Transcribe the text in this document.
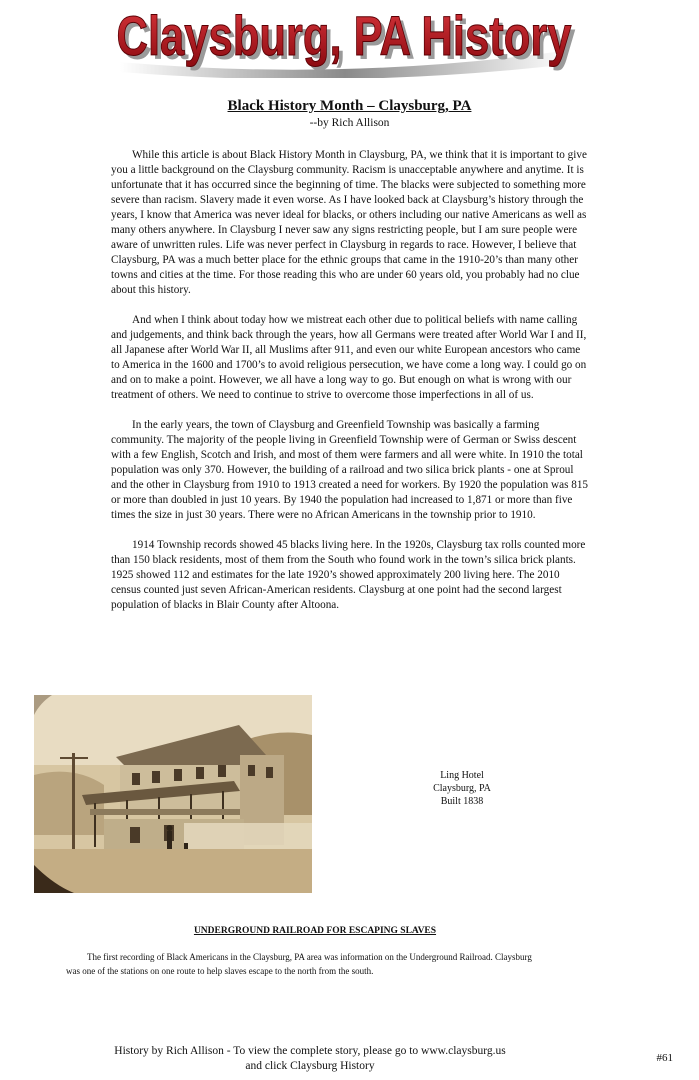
Claysburg, PA History
Claysburg, PA History
Black History Month – Claysburg, PA
--by Rich Allison

While this article is about Black History Month in Claysburg, PA, we think that it is important to give you a little background on the Claysburg community. Racism is unacceptable anywhere and anytime. It is unfortunate that it has occurred since the beginning of time. The blacks were subjected to something more severe than racism. Slavery made it even worse. As I have looked back at Claysburg’s history through the years, I know that America was never ideal for blacks, or others including our native Americans as well as many others anywhere. In Claysburg I never saw any signs restricting people, but I am sure people were aware of unwritten rules. Life was never perfect in Claysburg in regards to race. However, I believe that Claysburg, PA was a much better place for the ethnic groups that came in the 1910-20’s than many other towns and cities at the time. For those reading this who are under 60 years old, you probably had no clue about this history.

And when I think about today how we mistreat each other due to political beliefs with name calling and judgements, and think back through the years, how all Germans were treated after World War I and II, all Japanese after World War II, all Muslims after 911, and even our white European ancestors who came to America in the 1600 and 1700’s to avoid religious persecution, we have come a long way. I could go on and on to make a point. However, we all have a long way to go. But enough on what is wrong with our treatment of others. We need to continue to strive to overcome those imperfections in all of us.

In the early years, the town of Claysburg and Greenfield Township was basically a farming community. The majority of the people living in Greenfield Township were of German or Swiss descent with a few English, Scotch and Irish, and most of them were farmers and all were white. In 1910 the total population was only 370. However, the building of a railroad and two silica brick plants - one at Sproul and the other in Claysburg from 1910 to 1913 created a need for workers. By 1920 the population was 815 or more than doubled in just 10 years. By 1940 the population had increased to 1,871 or more than five times the size in just 30 years. There were no African Americans in the township prior to 1910.

1914 Township records showed 45 blacks living here. In the 1920s, Claysburg tax rolls counted more than 150 black residents, most of them from the South who found work in the town’s silica brick plants. 1925 showed 112 and estimates for the late 1920’s showed approximately 200 living here. The 2010 census counted just seven African-American residents. Claysburg at one point had the second largest population of blacks in Blair County after Altoona.

Ling Hotel
Claysburg, PA
Built 1838
UNDERGROUND RAILROAD FOR ESCAPING SLAVES
The first recording of Black Americans in the Claysburg, PA area was information on the Underground Railroad. Claysburg was one of the stations on one route to help slaves escape to the north from the south.
History by Rich Allison - To view the complete story, please go to www.claysburg.us
and click Claysburg History
#61
